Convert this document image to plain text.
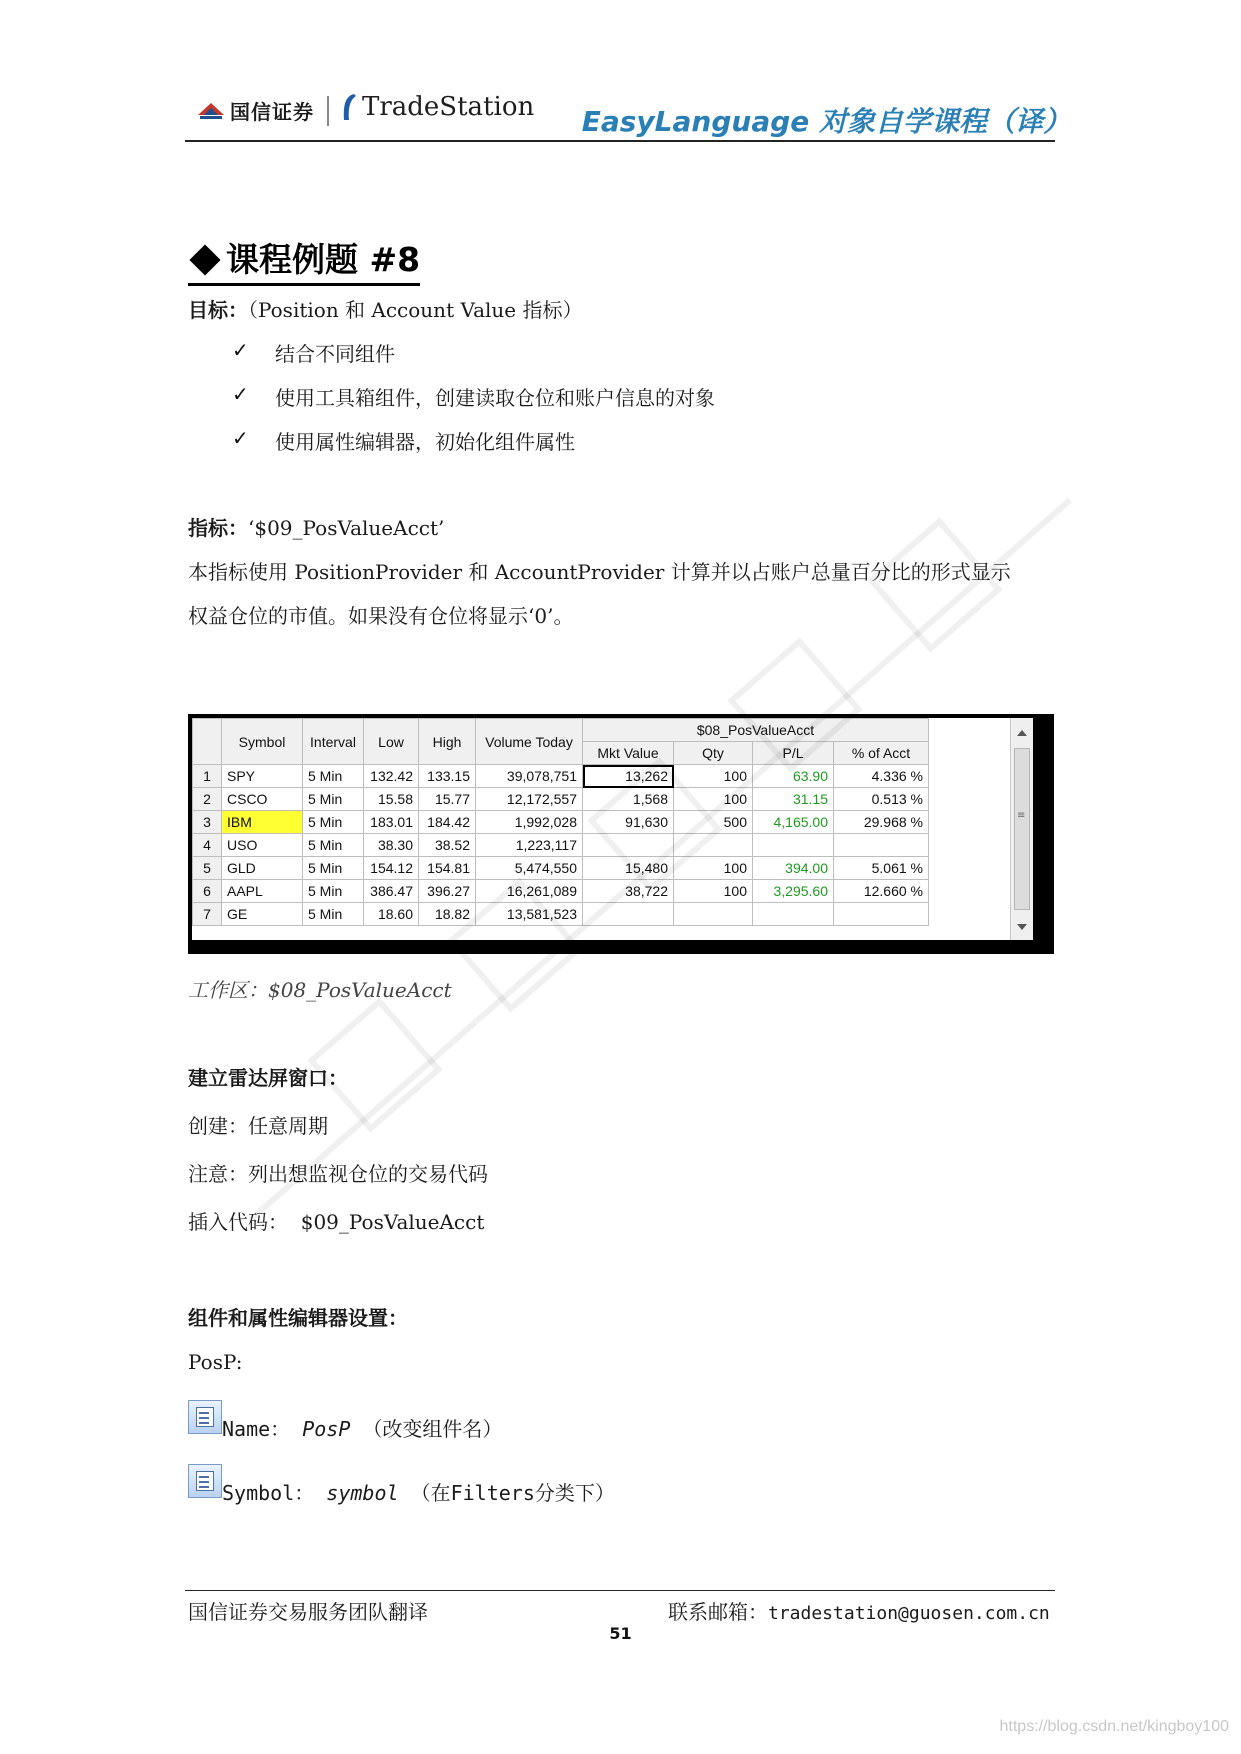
国信证券 TradeStation EasyLanguage 对象自学课程（译）
课程例题 #8
目标：（Position 和 Account Value 指标）
✓ 结合不同组件
✓ 使用工具箱组件，创建读取仓位和账户信息的对象
✓ 使用属性编辑器，初始化组件属性
指标：‘$09_PosValueAcct’
本指标使用 PositionProvider 和 AccountProvider 计算并以占账户总量百分比的形式显示
权益仓位的市值。如果没有仓位将显示‘0’。
	Symbol	Interval	Low	High	Volume Today	$08_PosValueAcct			
						Mkt Value	Qty	P/L	% of Acct
1	SPY	5 Min	132.42	133.15	39,078,751	13,262	100	63.90	4.336 %
2	CSCO	5 Min	15.58	15.77	12,172,557	1,568	100	31.15	0.513 %
3	IBM	5 Min	183.01	184.42	1,992,028	91,630	500	4,165.00	29.968 %
4	USO	5 Min	38.30	38.52	1,223,117				
5	GLD	5 Min	154.12	154.81	5,474,550	15,480	100	394.00	5.061 %
6	AAPL	5 Min	386.47	396.27	16,261,089	38,722	100	3,295.60	12.660 %
7	GE	5 Min	18.60	18.82	13,581,523				
≡
工作区：$08_PosValueAcct
建立雷达屏窗口：
创建：任意周期
注意：列出想监视仓位的交易代码
插入代码： $09_PosValueAcct
组件和属性编辑器设置：
PosP:
Name： PosP （改变组件名）
Symbol： symbol （在Filters分类下）
国信证券交易服务团队翻译	联系邮箱：tradestation@guosen.com.cn
51
https://blog.csdn.net/kingboy100
